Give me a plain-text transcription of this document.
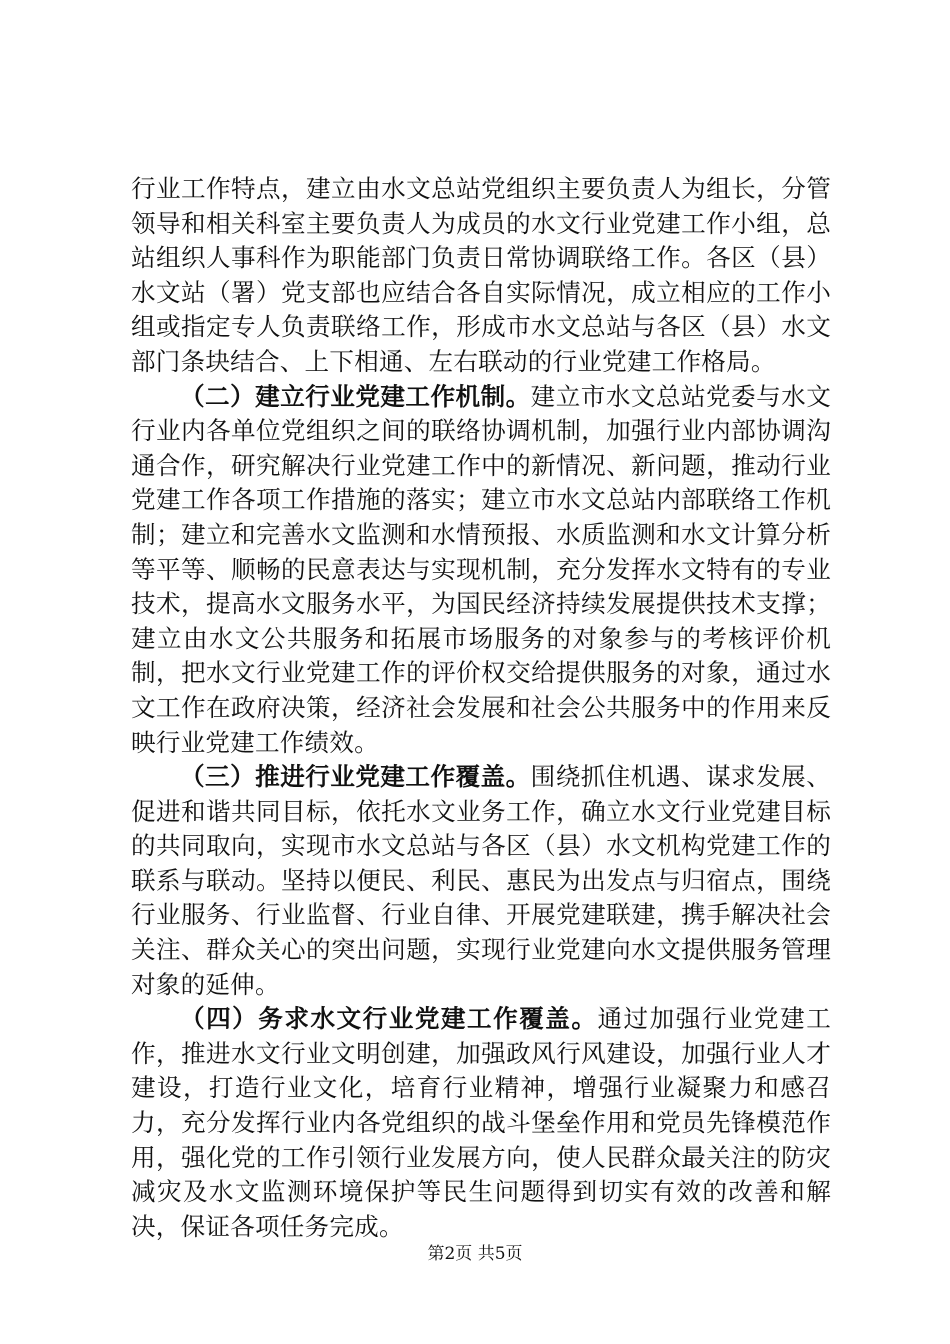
行业工作特点，建立由水文总站党组织主要负责人为组长，分管领导和相关科室主要负责人为成员的水文行业党建工作小组，总站组织人事科作为职能部门负责日常协调联络工作。各区（县）水文站（署）党支部也应结合各自实际情况，成立相应的工作小组或指定专人负责联络工作，形成市水文总站与各区（县）水文部门条块结合、上下相通、左右联动的行业党建工作格局。

（二）建立行业党建工作机制。建立市水文总站党委与水文行业内各单位党组织之间的联络协调机制，加强行业内部协调沟通合作，研究解决行业党建工作中的新情况、新问题，推动行业党建工作各项工作措施的落实；建立市水文总站内部联络工作机制；建立和完善水文监测和水情预报、水质监测和水文计算分析等平等、顺畅的民意表达与实现机制，充分发挥水文特有的专业技术，提高水文服务水平，为国民经济持续发展提供技术支撑；建立由水文公共服务和拓展市场服务的对象参与的考核评价机制，把水文行业党建工作的评价权交给提供服务的对象，通过水文工作在政府决策，经济社会发展和社会公共服务中的作用来反映行业党建工作绩效。

（三）推进行业党建工作覆盖。围绕抓住机遇、谋求发展、促进和谐共同目标，依托水文业务工作，确立水文行业党建目标的共同取向，实现市水文总站与各区（县）水文机构党建工作的联系与联动。坚持以便民、利民、惠民为出发点与归宿点，围绕行业服务、行业监督、行业自律、开展党建联建，携手解决社会关注、群众关心的突出问题，实现行业党建向水文提供服务管理对象的延伸。

（四）务求水文行业党建工作覆盖。通过加强行业党建工作，推进水文行业文明创建，加强政风行风建设，加强行业人才建设，打造行业文化，培育行业精神，增强行业凝聚力和感召力，充分发挥行业内各党组织的战斗堡垒作用和党员先锋模范作用，强化党的工作引领行业发展方向，使人民群众最关注的防灾减灾及水文监测环境保护等民生问题得到切实有效的改善和解决，保证各项任务完成。

第2页 共5页
